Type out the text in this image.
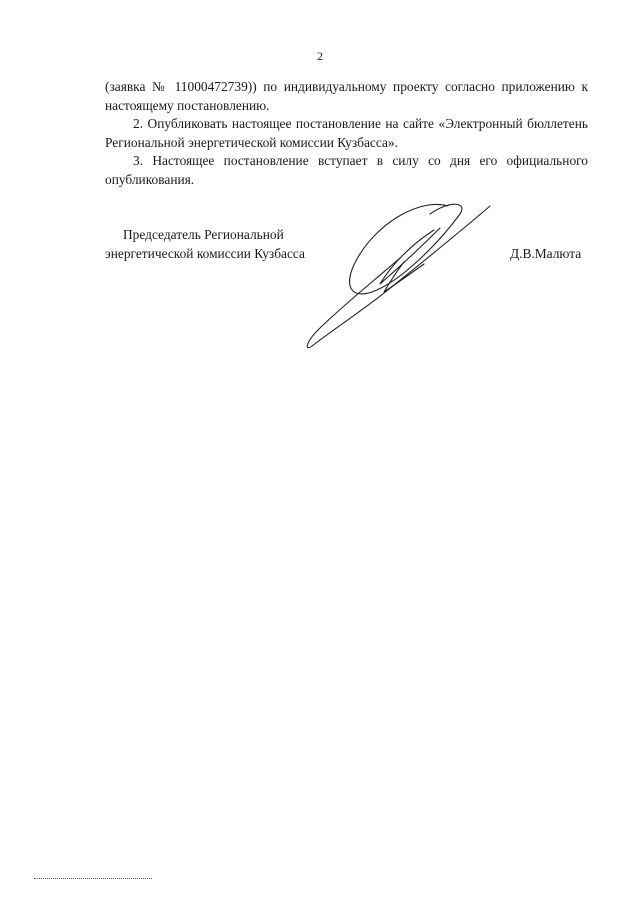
2

(заявка № 11000472739)) по индивидуальному проекту согласно приложению к настоящему постановлению.

2. Опубликовать настоящее постановление на сайте «Электронный бюллетень Региональной энергетической комиссии Кузбасса».

3. Настоящее постановление вступает в силу со дня его официального опубликования.

Председатель Региональной
энергетической комиссии Кузбасса	Д.В.Малюта
